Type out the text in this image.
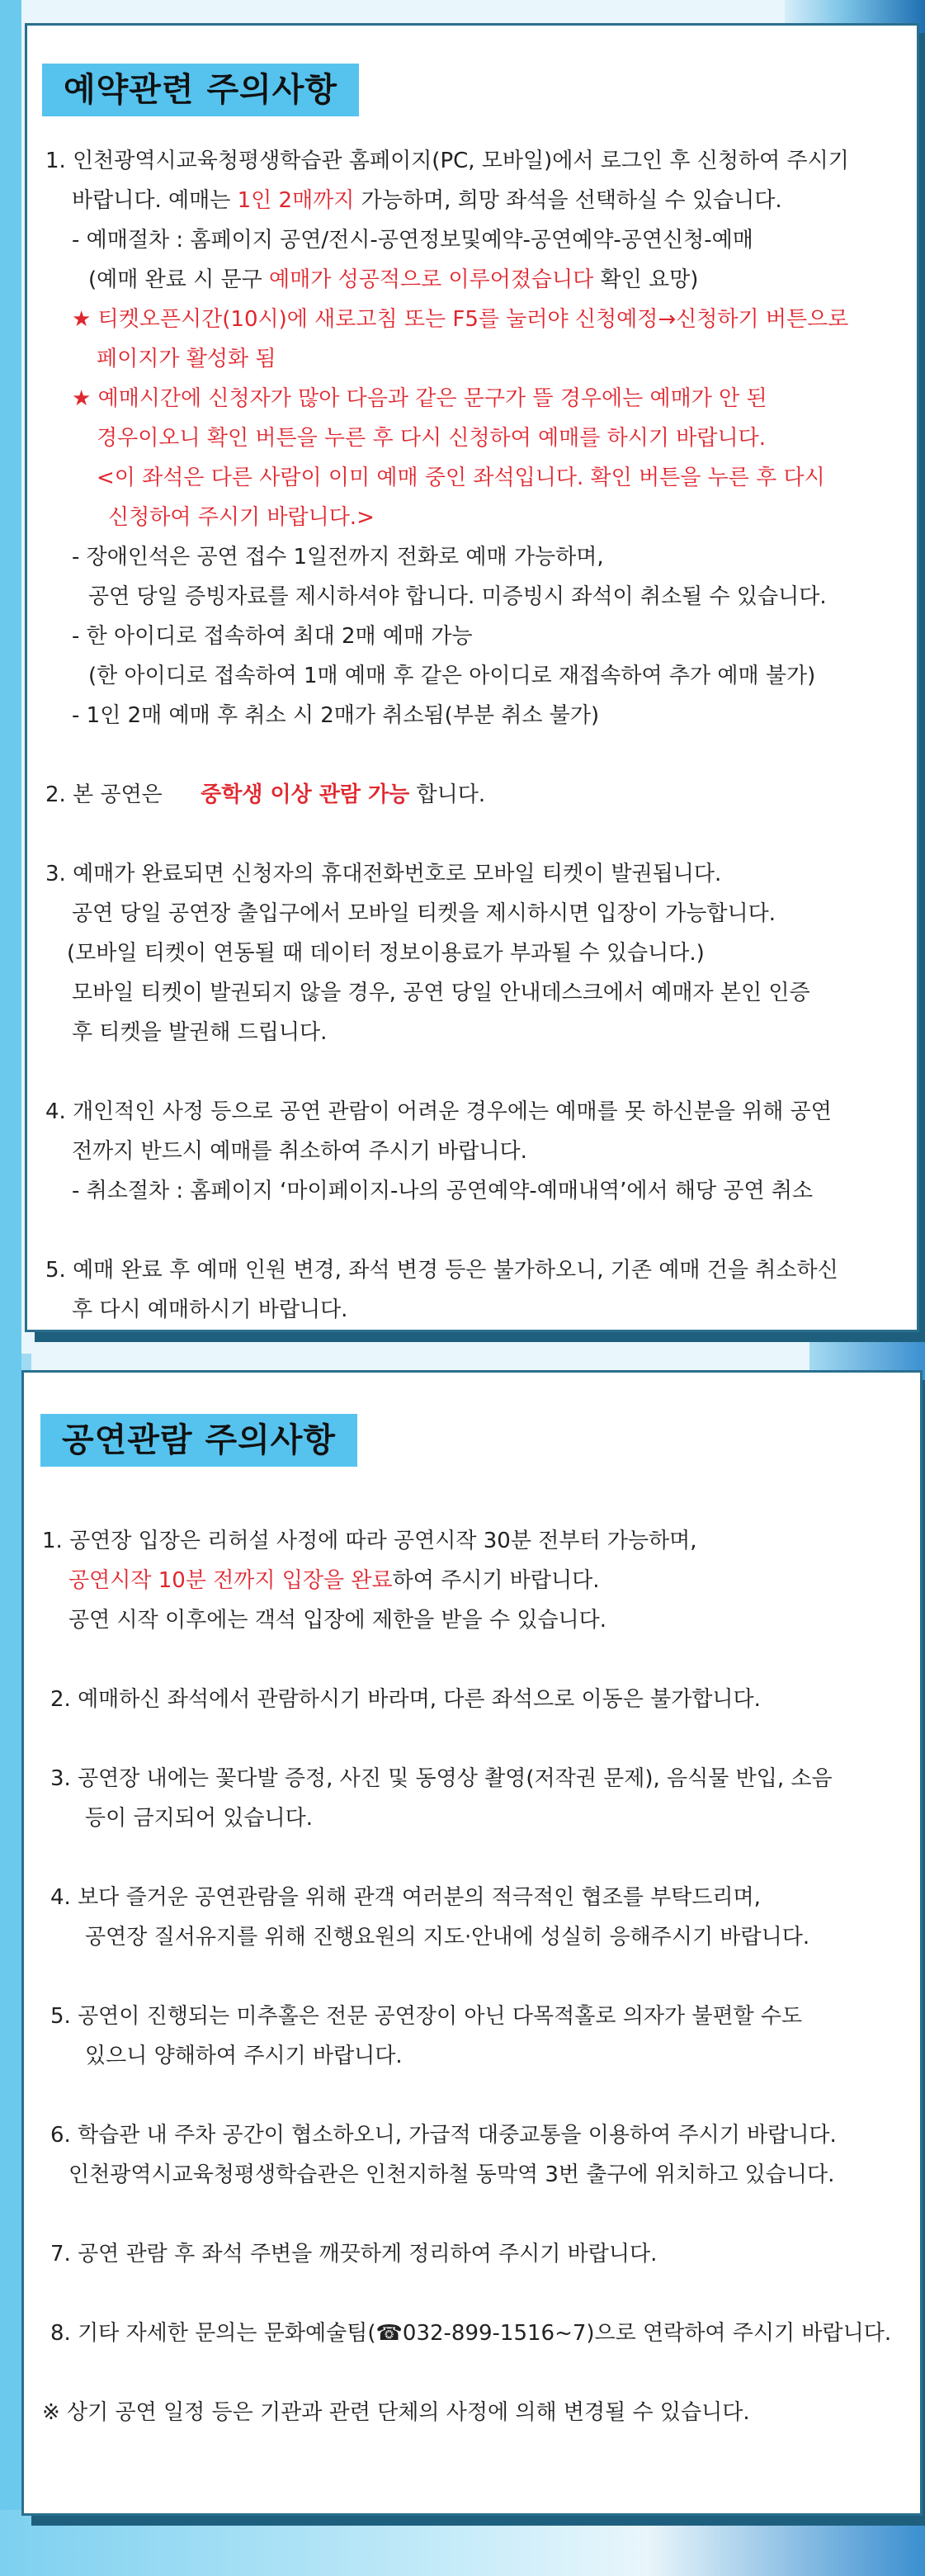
예약관련 주의사항
1. 인천광역시교육청평생학습관 홈페이지(PC, 모바일)에서 로그인 후 신청하여 주시기
바랍니다. 예매는 1인 2매까지 가능하며, 희망 좌석을 선택하실 수 있습니다.
- 예매절차 : 홈페이지 공연/전시-공연정보및예약-공연예약-공연신청-예매
(예매 완료 시 문구 예매가 성공적으로 이루어졌습니다 확인 요망)
★ 티켓오픈시간(10시)에 새로고침 또는 F5를 눌러야 신청예정→신청하기 버튼으로
페이지가 활성화 됨
★ 예매시간에 신청자가 많아 다음과 같은 문구가 뜰 경우에는 예매가 안 된
경우이오니 확인 버튼을 누른 후 다시 신청하여 예매를 하시기 바랍니다.
<이 좌석은 다른 사람이 이미 예매 중인 좌석입니다. 확인 버튼을 누른 후 다시
신청하여 주시기 바랍니다.>
- 장애인석은 공연 접수 1일전까지 전화로 예매 가능하며,
공연 당일 증빙자료를 제시하셔야 합니다. 미증빙시 좌석이 취소될 수 있습니다.
- 한 아이디로 접속하여 최대 2매 예매 가능
(한 아이디로 접속하여 1매 예매 후 같은 아이디로 재접속하여 추가 예매 불가)
- 1인 2매 예매 후 취소 시 2매가 취소됨(부분 취소 불가)
2. 본 공연은 중학생 이상 관람 가능 합니다.
3. 예매가 완료되면 신청자의 휴대전화번호로 모바일 티켓이 발권됩니다.
공연 당일 공연장 출입구에서 모바일 티켓을 제시하시면 입장이 가능합니다.
(모바일 티켓이 연동될 때 데이터 정보이용료가 부과될 수 있습니다.)
모바일 티켓이 발권되지 않을 경우, 공연 당일 안내데스크에서 예매자 본인 인증
후 티켓을 발권해 드립니다.
4. 개인적인 사정 등으로 공연 관람이 어려운 경우에는 예매를 못 하신분을 위해 공연
전까지 반드시 예매를 취소하여 주시기 바랍니다.
- 취소절차 : 홈페이지 ‘마이페이지-나의 공연예약-예매내역’에서 해당 공연 취소
5. 예매 완료 후 예매 인원 변경, 좌석 변경 등은 불가하오니, 기존 예매 건을 취소하신
후 다시 예매하시기 바랍니다.
공연관람 주의사항
1. 공연장 입장은 리허설 사정에 따라 공연시작 30분 전부터 가능하며,
공연시작 10분 전까지 입장을 완료하여 주시기 바랍니다.
공연 시작 이후에는 객석 입장에 제한을 받을 수 있습니다.
2. 예매하신 좌석에서 관람하시기 바라며, 다른 좌석으로 이동은 불가합니다.
3. 공연장 내에는 꽃다발 증정, 사진 및 동영상 촬영(저작권 문제), 음식물 반입, 소음
등이 금지되어 있습니다.
4. 보다 즐거운 공연관람을 위해 관객 여러분의 적극적인 협조를 부탁드리며,
공연장 질서유지를 위해 진행요원의 지도·안내에 성실히 응해주시기 바랍니다.
5. 공연이 진행되는 미추홀은 전문 공연장이 아닌 다목적홀로 의자가 불편할 수도
있으니 양해하여 주시기 바랍니다.
6. 학습관 내 주차 공간이 협소하오니, 가급적 대중교통을 이용하여 주시기 바랍니다.
인천광역시교육청평생학습관은 인천지하철 동막역 3번 출구에 위치하고 있습니다.
7. 공연 관람 후 좌석 주변을 깨끗하게 정리하여 주시기 바랍니다.
8. 기타 자세한 문의는 문화예술팀(☎032-899-1516~7)으로 연락하여 주시기 바랍니다.
※ 상기 공연 일정 등은 기관과 관련 단체의 사정에 의해 변경될 수 있습니다.
